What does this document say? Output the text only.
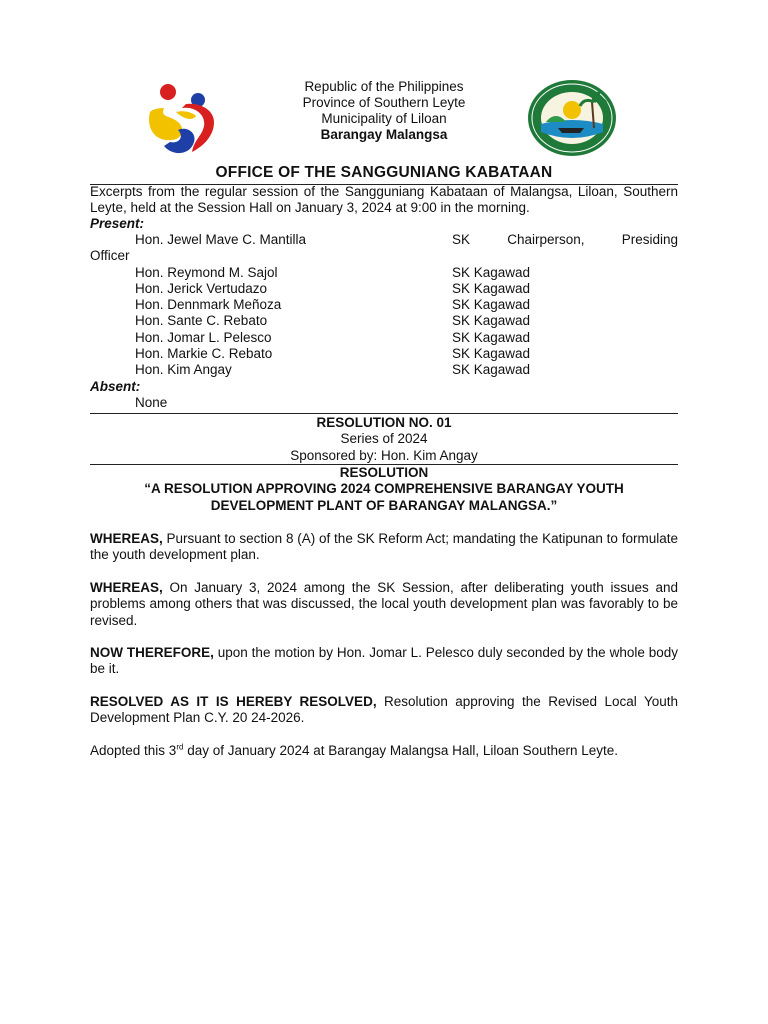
Republic of the Philippines
Province of Southern Leyte
Municipality of Liloan
Barangay Malangsa
OFFICE OF THE SANGGUNIANG KABATAAN
Excerpts from the regular session of the Sangguniang Kabataan of Malangsa, Liloan, Southern Leyte, held at the Session Hall on January 3, 2024 at 9:00 in the morning.
Present:
Hon. Jewel Mave C. Mantilla	SK	Chairperson,	Presiding
Officer
Hon. Reymond M. Sajol	SK Kagawad
Hon. Jerick Vertudazo	SK Kagawad
Hon. Dennmark Meñoza	SK Kagawad
Hon. Sante C. Rebato	SK Kagawad
Hon. Jomar L. Pelesco	SK Kagawad
Hon. Markie C. Rebato	SK Kagawad
Hon. Kim Angay	SK Kagawad
Absent:
None
RESOLUTION NO. 01
Series of 2024
Sponsored by: Hon. Kim Angay
RESOLUTION
“A RESOLUTION APPROVING 2024 COMPREHENSIVE BARANGAY YOUTH
DEVELOPMENT PLANT OF BARANGAY MALANGSA.”
WHEREAS, Pursuant to section 8 (A) of the SK Reform Act; mandating the Katipunan to formulate the youth development plan.
WHEREAS, On January 3, 2024 among the SK Session, after deliberating youth issues and problems among others that was discussed, the local youth development plan was favorably to be revised.
NOW THEREFORE, upon the motion by Hon. Jomar L. Pelesco duly seconded by the whole body be it.
RESOLVED AS IT IS HEREBY RESOLVED, Resolution approving the Revised Local Youth Development Plan C.Y. 20 24-2026.
Adopted this 3rd day of January 2024 at Barangay Malangsa Hall, Liloan Southern Leyte.
